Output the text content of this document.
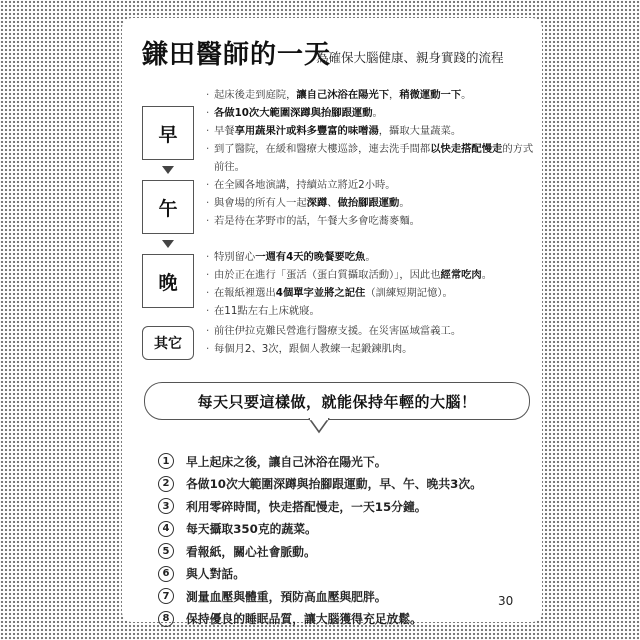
鎌田醫師的一天
為確保大腦健康、親身實踐的流程
早
· 起床後走到庭院，讓自己沐浴在陽光下，稍微運動一下。
· 各做10次大範圍深蹲與抬腳跟運動。
· 早餐享用蔬果汁或料多豐富的味噌湯，攝取大量蔬菜。
· 到了醫院，在緩和醫療大樓巡診，連去洗手間都以快走搭配慢走的方式前往。
午
· 在全國各地演講，持續站立將近2小時。
· 與會場的所有人一起深蹲、做抬腳跟運動。
· 若是待在茅野市的話，午餐大多會吃蕎麥麵。
晚
· 特別留心一週有4天的晚餐要吃魚。
· 由於正在進行「蛋活（蛋白質攝取活動）」，因此也經常吃肉。
· 在報紙裡選出4個單字並將之記住（訓練短期記憶）。
· 在11點左右上床就寢。
其它
· 前往伊拉克難民營進行醫療支援。在災害區域當義工。
· 每個月2、3次，跟個人教練一起鍛鍊肌肉。
每天只要這樣做，就能保持年輕的大腦！
1	早上起床之後，讓自己沐浴在陽光下。
2	各做10次大範圍深蹲與抬腳跟運動，早、午、晚共3次。
3	利用零碎時間，快走搭配慢走，一天15分鐘。
4	每天攝取350克的蔬菜。
5	看報紙，關心社會脈動。
6	與人對話。
7	測量血壓與體重，預防高血壓與肥胖。
8	保持優良的睡眠品質，讓大腦獲得充足放鬆。
30
